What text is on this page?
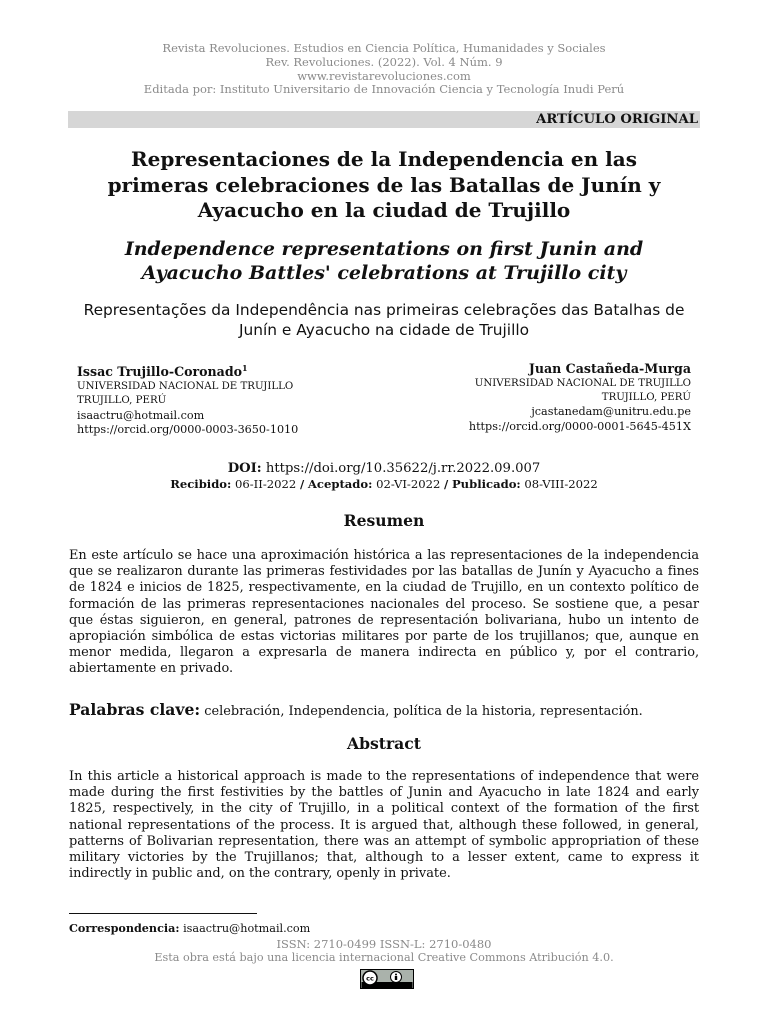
Revista Revoluciones. Estudios en Ciencia Política, Humanidades y Sociales
Rev. Revoluciones. (2022). Vol. 4 Núm. 9
www.revistarevoluciones.com
Editada por: Instituto Universitario de Innovación Ciencia y Tecnología Inudi Perú
ARTÍCULO ORIGINAL
Representaciones de la Independencia en las
primeras celebraciones de las Batallas de Junín y
Ayacucho en la ciudad de Trujillo
Independence representations on first Junin and
Ayacucho Battles' celebrations at Trujillo city
Representações da Independência nas primeiras celebrações das Batalhas de
Junín e Ayacucho na cidade de Trujillo
Issac Trujillo-Coronado$^1$
UNIVERSIDAD NACIONAL DE TRUJILLO
TRUJILLO, PERÚ
isaactru@hotmail.com
https://orcid.org/0000-0003-3650-1010
Juan Castañeda-Murga
UNIVERSIDAD NACIONAL DE TRUJILLO
TRUJILLO, PERÚ
jcastanedam@unitru.edu.pe
https://orcid.org/0000-0001-5645-451X
DOI: https://doi.org/10.35622/j.rr.2022.09.007
Recibido: 06-II-2022 / Aceptado: 02-VI-2022 / Publicado: 08-VIII-2022
Resumen
En este artículo se hace una aproximación histórica a las representaciones de la independencia que se realizaron durante las primeras festividades por las batallas de Junín y Ayacucho a fines de 1824 e inicios de 1825, respectivamente, en la ciudad de Trujillo, en un contexto político de formación de las primeras representaciones nacionales del proceso. Se sostiene que, a pesar que éstas siguieron, en general, patrones de representación bolivariana, hubo un intento de apropiación simbólica de estas victorias militares por parte de los trujillanos; que, aunque en menor medida, llegaron a expresarla de manera indirecta en público y, por el contrario, abiertamente en privado.
Palabras clave: celebración, Independencia, política de la historia, representación.
Abstract
In this article a historical approach is made to the representations of independence that were made during the first festivities by the battles of Junin and Ayacucho in late 1824 and early 1825, respectively, in the city of Trujillo, in a political context of the formation of the first national representations of the process. It is argued that, although these followed, in general, patterns of Bolivarian representation, there was an attempt of symbolic appropriation of these military victories by the Trujillanos; that, although to a lesser extent, came to express it indirectly in public and, on the contrary, openly in private.
Correspondencia: isaactru@hotmail.com
ISSN: 2710-0499 ISSN-L: 2710-0480
Esta obra está bajo una licencia internacional Creative Commons Atribución 4.0.
cc
